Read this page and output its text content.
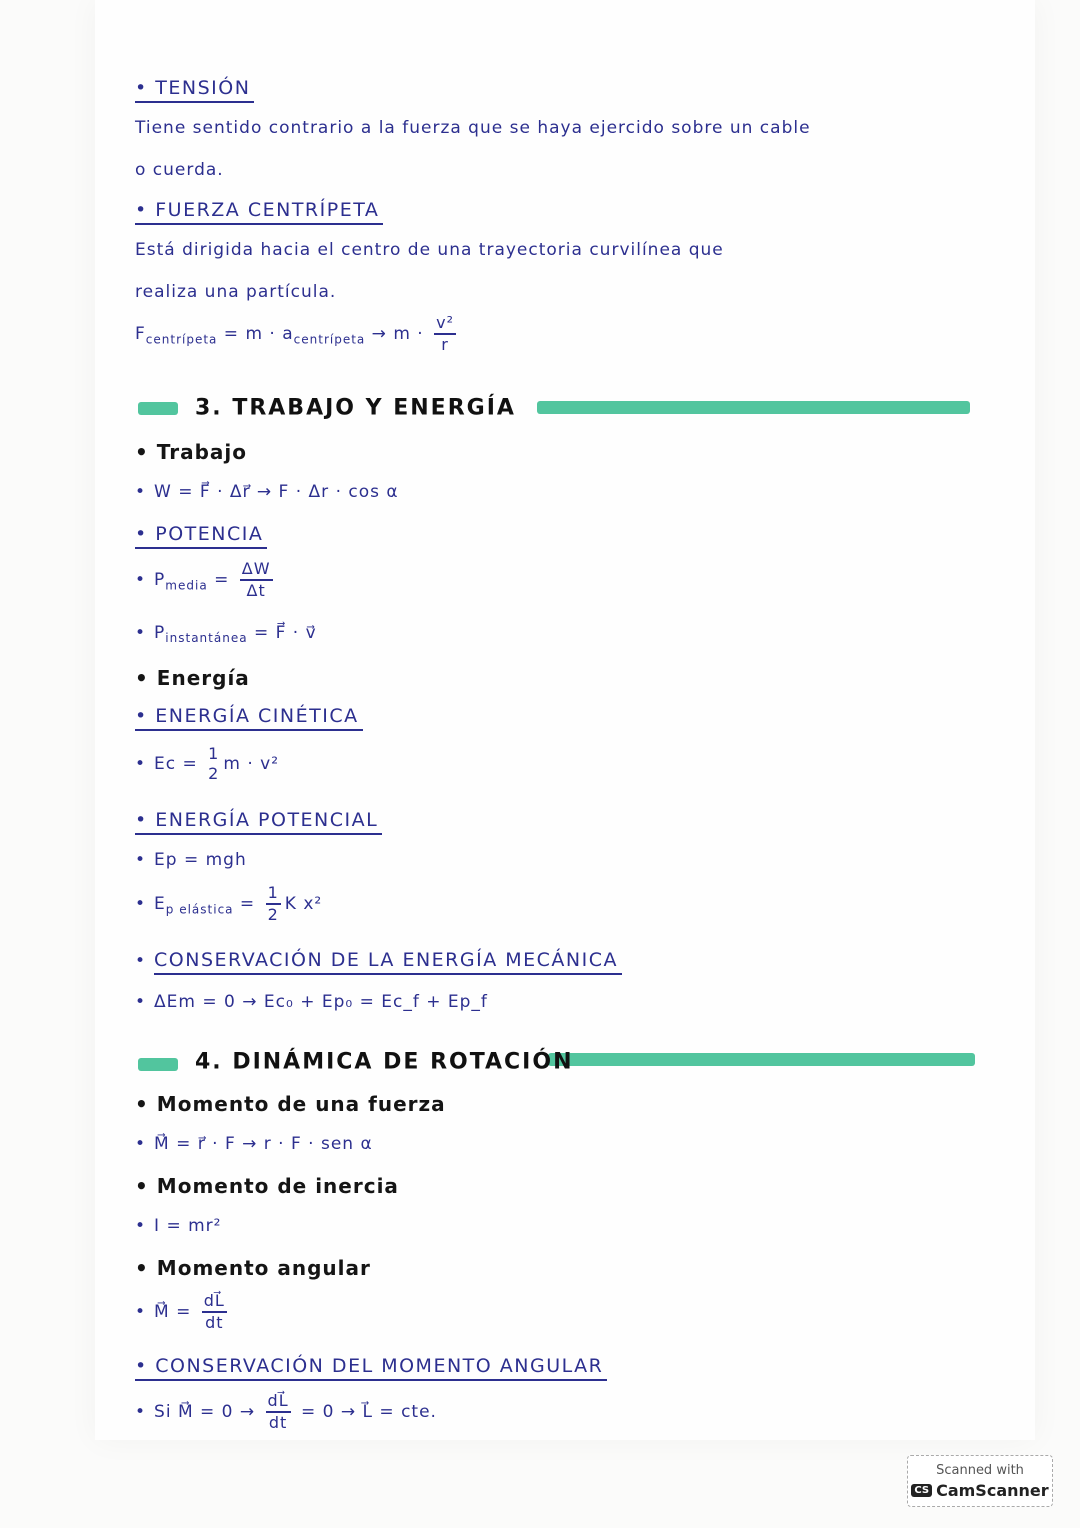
• TENSIÓN
Tiene sentido contrario a la fuerza que se haya ejercido sobre un cable
o cuerda.
• FUERZA CENTRÍPETA
Está dirigida hacia el centro de una trayectoria curvilínea que
realiza una partícula.
$F_{centrípeta} = m \cdot a_{centrípeta} \to m \cdot \frac{\text{v²}}{r}$
3. TRABAJO Y ENERGÍA
• Trabajo
• W = F⃗ · Δr⃗ → F · Δr · cos α
• POTENCIA
• $P_{media} = \frac{\Delta W}{\Delta t}$
• $P_{instantánea}$ = F⃗ · v⃗
• Energía
• ENERGÍA CINÉTICA
• Ec =
1
2 m · v²
• ENERGÍA POTENCIAL
• Ep = mgh
• $E_{p elástica} = \frac{1}{2}$ K x²
• CONSERVACIÓN DE LA ENERGÍA MECÁNICA
• ΔEm = 0 → Ec₀ + Ep₀ = Ec_f + Ep_f
4. DINÁMICA DE ROTACIÓN
• Momento de una fuerza
• M⃗ = r⃗ · F → r · F · sen α
• Momento de inercia
• I = mr²
• Momento angular
• M⃗ = $\frac{dL⃗}{dt}$
• CONSERVACIÓN DEL MOMENTO ANGULAR
• Si M⃗ = $0 \to \frac{dL⃗}{dt} = 0$ → L⃗ = cte.
Scanned with
CS CamScanner
